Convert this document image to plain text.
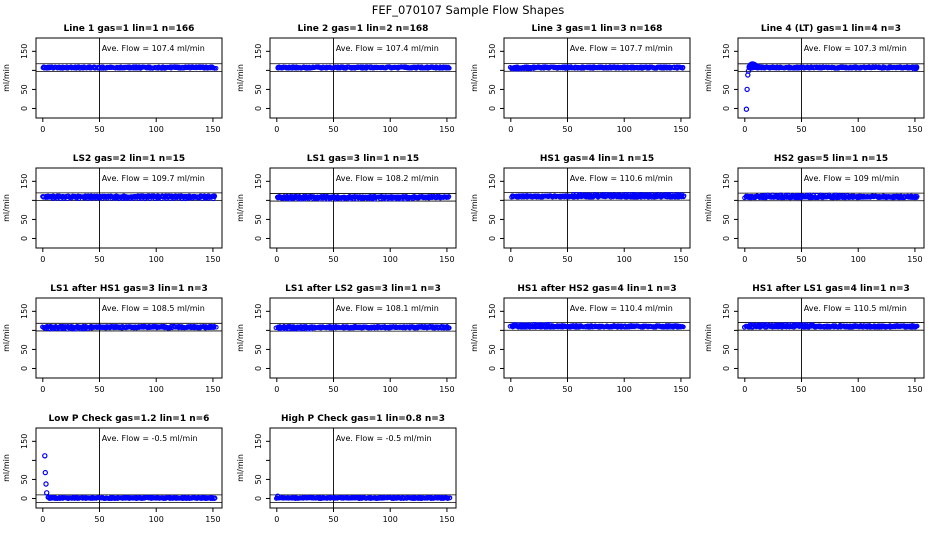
FEF_070107 Sample Flow Shapes
Line 1 gas=1 lin=1 n=166
0	50	100	150
0
50
150
ml/min
Ave. Flow = 107.4 ml/min
Line 2 gas=1 lin=2 n=168
0	50	100	150
0
50
150
ml/min
Ave. Flow = 107.4 ml/min
Line 3 gas=1 lin=3 n=168
0	50	100	150
0
50
150
ml/min
Ave. Flow = 107.7 ml/min
Line 4 (LT) gas=1 lin=4 n=3
0	50	100	150
0
50
150
ml/min
Ave. Flow = 107.3 ml/min
LS2 gas=2 lin=1 n=15
0	50	100	150
0
50
150
ml/min
Ave. Flow = 109.7 ml/min
LS1 gas=3 lin=1 n=15
0	50	100	150
0
50
150
ml/min
Ave. Flow = 108.2 ml/min
HS1 gas=4 lin=1 n=15
0	50	100	150
0
50
150
ml/min
Ave. Flow = 110.6 ml/min
HS2 gas=5 lin=1 n=15
0	50	100	150
0
50
150
ml/min
Ave. Flow = 109 ml/min
LS1 after HS1 gas=3 lin=1 n=3
0	50	100	150
0
50
150
ml/min
Ave. Flow = 108.5 ml/min
LS1 after LS2 gas=3 lin=1 n=3
0	50	100	150
0
50
150
ml/min
Ave. Flow = 108.1 ml/min
HS1 after HS2 gas=4 lin=1 n=3
0	50	100	150
0
50
150
ml/min
Ave. Flow = 110.4 ml/min
HS1 after LS1 gas=4 lin=1 n=3
0	50	100	150
0
50
150
ml/min
Ave. Flow = 110.5 ml/min
Low P Check gas=1.2 lin=1 n=6
0	50	100	150
0
50
150
ml/min
Ave. Flow = -0.5 ml/min
High P Check gas=1 lin=0.8 n=3
0	50	100	150
0
50
150
ml/min
Ave. Flow = -0.5 ml/min
